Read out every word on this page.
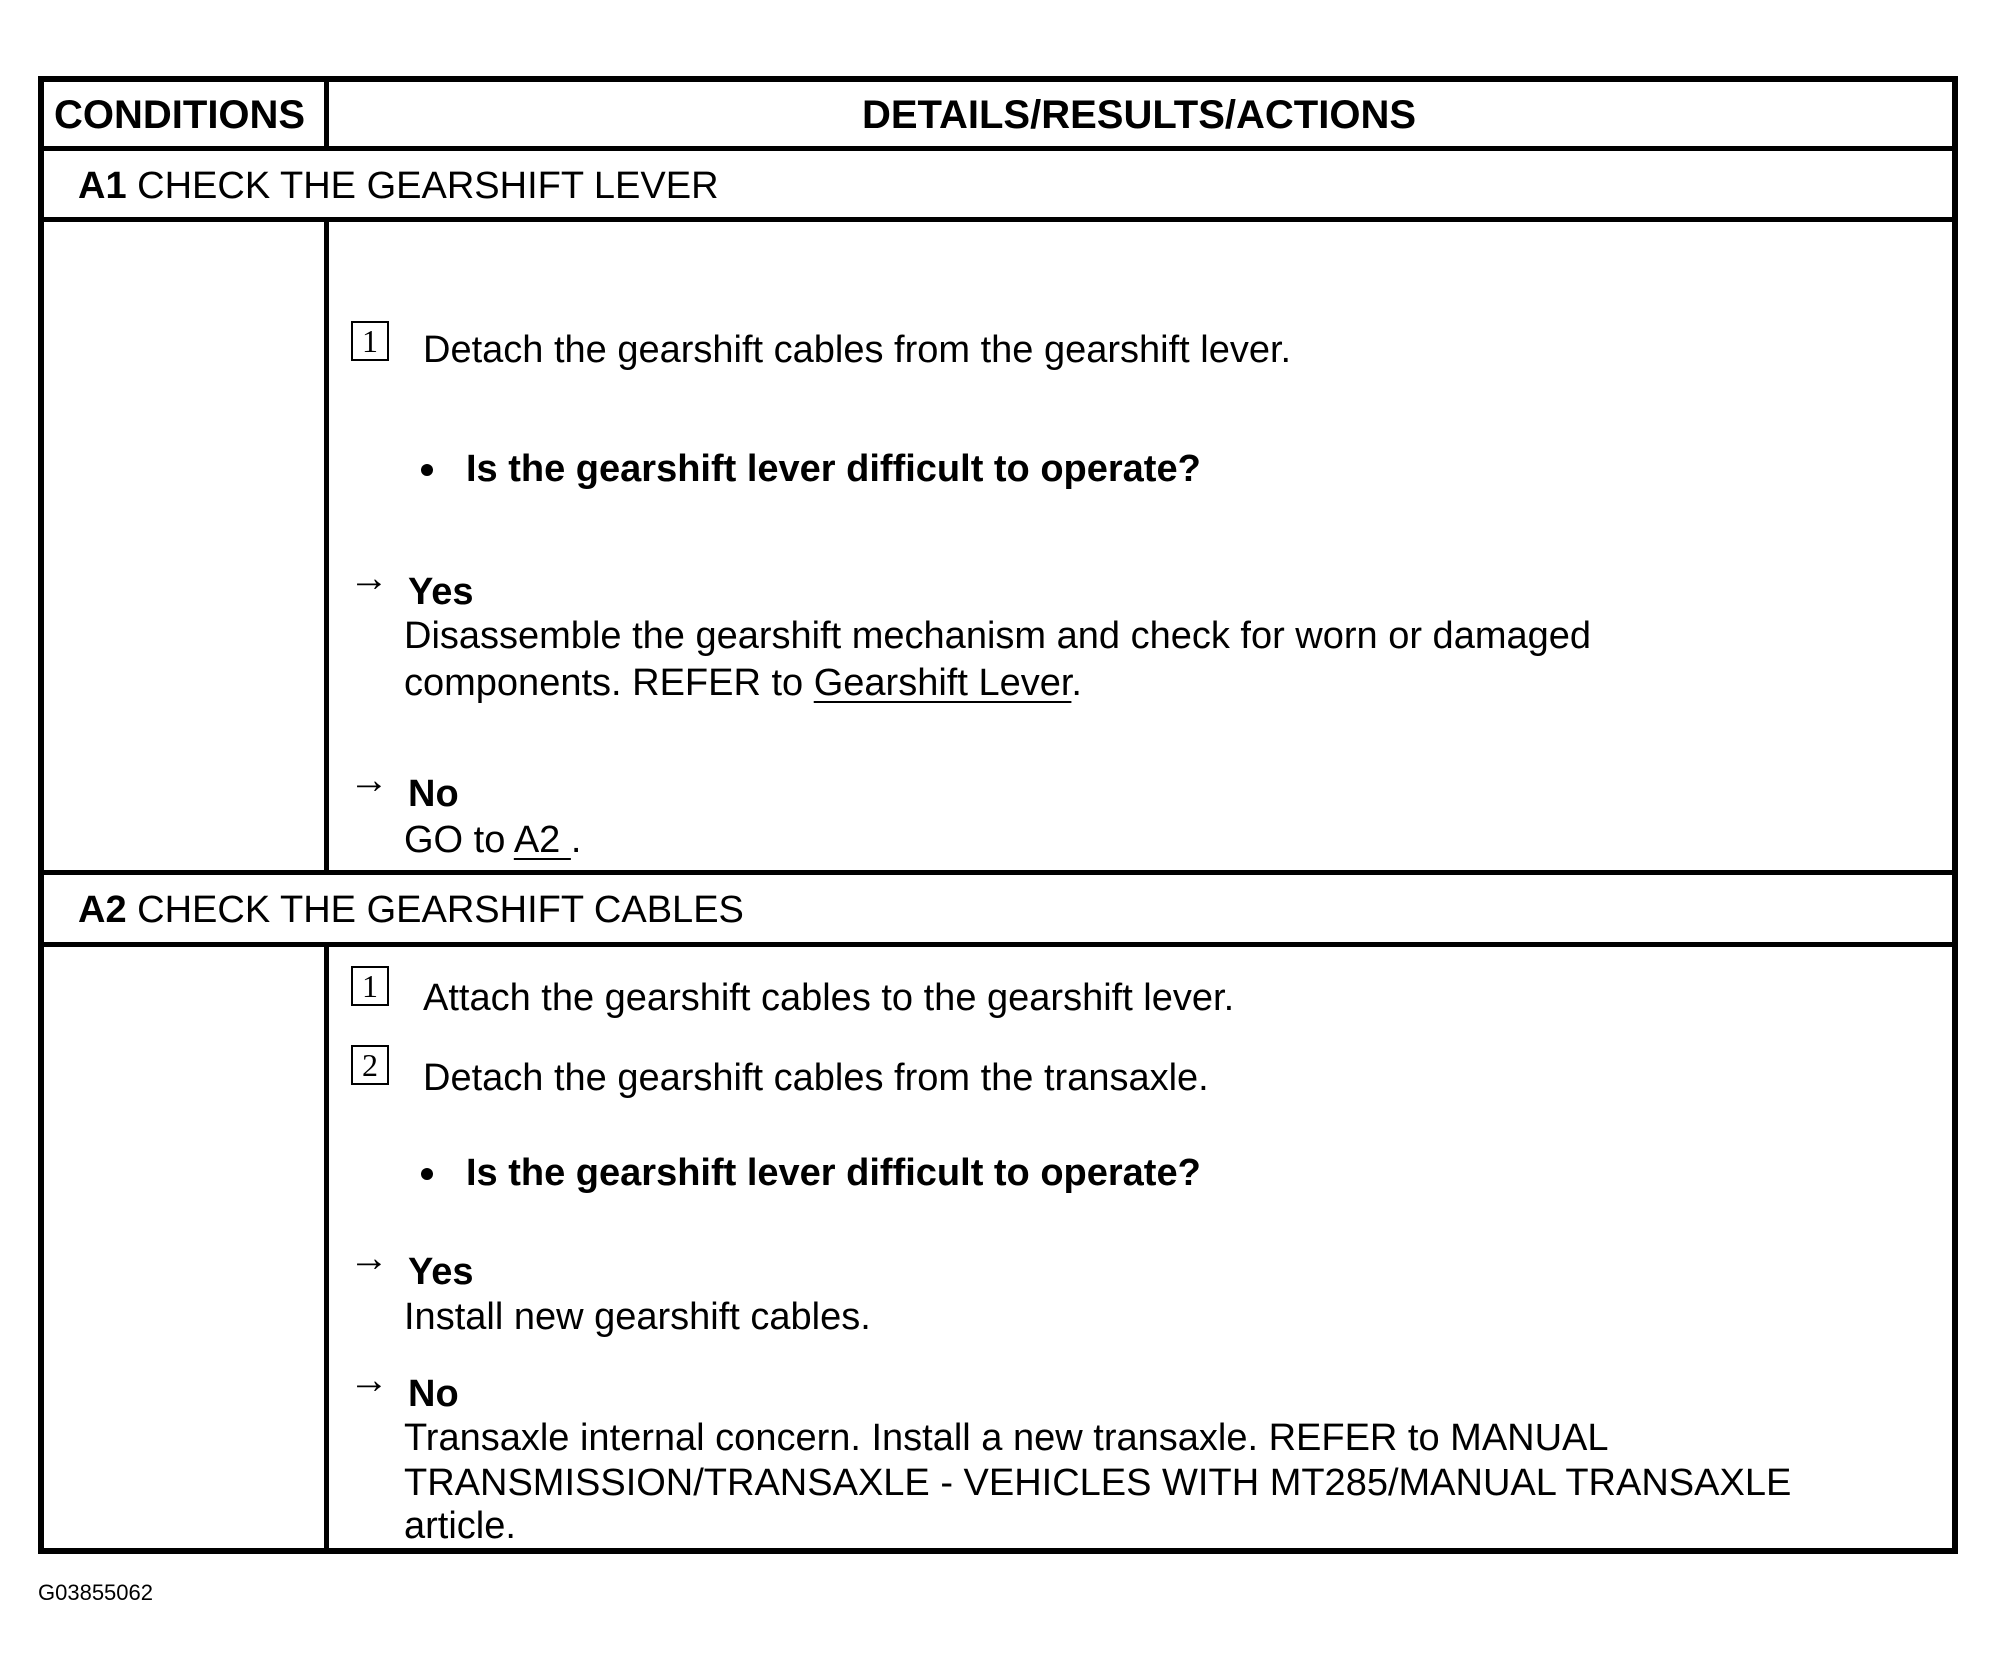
CONDITIONS	DETAILS/RESULTS/ACTIONS
A1 CHECK THE GEARSHIFT LEVER
1 Detach the gearshift cables from the gearshift lever.
Is the gearshift lever difficult to operate?
→ Yes
Disassemble the gearshift mechanism and check for worn or damaged
components. REFER to Gearshift Lever.
→ No
GO to A2 .
A2 CHECK THE GEARSHIFT CABLES
1 Attach the gearshift cables to the gearshift lever.
2 Detach the gearshift cables from the transaxle.
Is the gearshift lever difficult to operate?
→ Yes
Install new gearshift cables.
→ No
Transaxle internal concern. Install a new transaxle. REFER to MANUAL
TRANSMISSION/TRANSAXLE - VEHICLES WITH MT285/MANUAL TRANSAXLE
article.
G03855062
